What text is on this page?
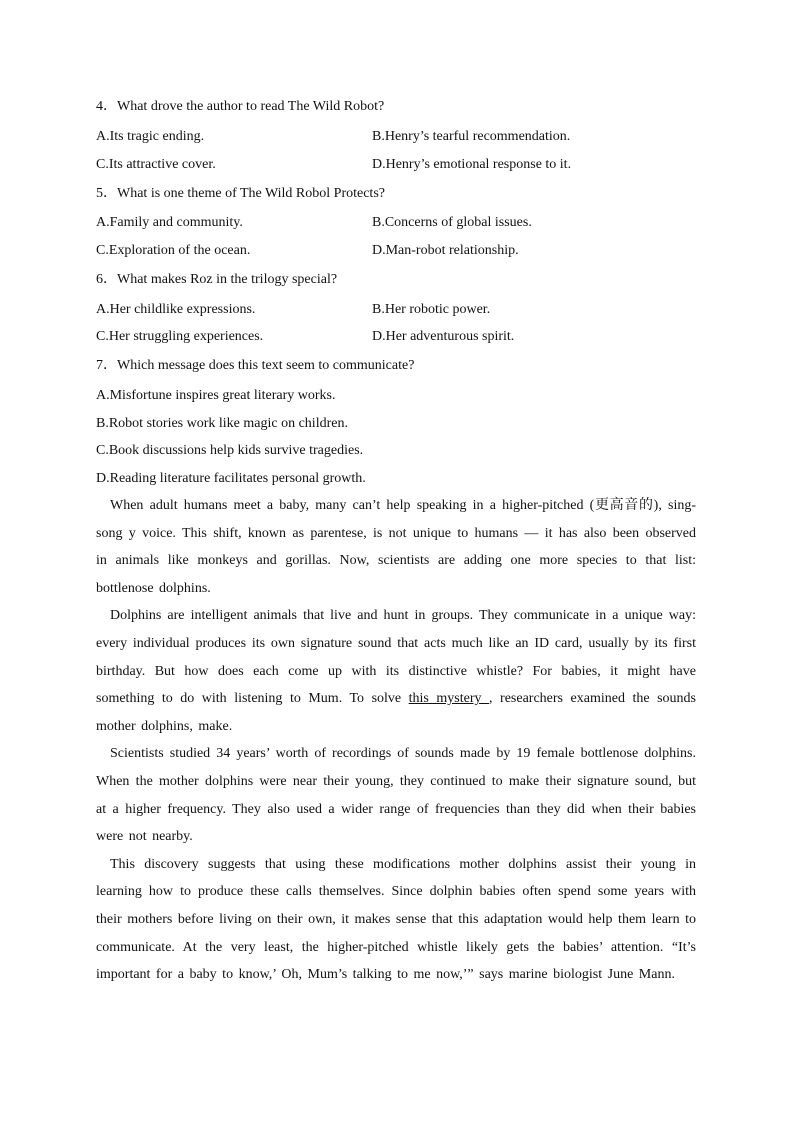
4．What drove the author to read The Wild Robot?
A.Its tragic ending.	B.Henry’s tearful recommendation.
C.Its attractive cover.	D.Henry’s emotional response to it.
5．What is one theme of The Wild Robol Protects?
A.Family and community.	B.Concerns of global issues.
C.Exploration of the ocean.	D.Man-robot relationship.
6．What makes Roz in the trilogy special?
A.Her childlike expressions.	B.Her robotic power.
C.Her struggling experiences.	D.Her adventurous spirit.
7．Which message does this text seem to communicate?
A.Misfortune inspires great literary works.
B.Robot stories work like magic on children.
C.Book discussions help kids survive tragedies.
D.Reading literature facilitates personal growth.

When adult humans meet a baby, many can’t help speaking in a higher-pitched (更高音的), sing-song y voice. This shift, known as parentese, is not unique to humans — it has also been observed in animals like monkeys and gorillas. Now, scientists are adding one more species to that list: bottlenose dolphins.

Dolphins are intelligent animals that live and hunt in groups. They communicate in a unique way: every individual produces its own signature sound that acts much like an ID card, usually by its first birthday. But how does each come up with its distinctive whistle? For babies, it might have something to do with listening to Mum. To solve this mystery , researchers examined the sounds mother dolphins, make.

Scientists studied 34 years’ worth of recordings of sounds made by 19 female bottlenose dolphins. When the mother dolphins were near their young, they continued to make their signature sound, but at a higher frequency. They also used a wider range of frequencies than they did when their babies were not nearby.

This discovery suggests that using these modifications mother dolphins assist their young in learning how to produce these calls themselves. Since dolphin babies often spend some years with their mothers before living on their own, it makes sense that this adaptation would help them learn to communicate. At the very least, the higher-pitched whistle likely gets the babies’ attention. “It’s important for a baby to know,’ Oh, Mum’s talking to me now,’” says marine biologist June Mann.
